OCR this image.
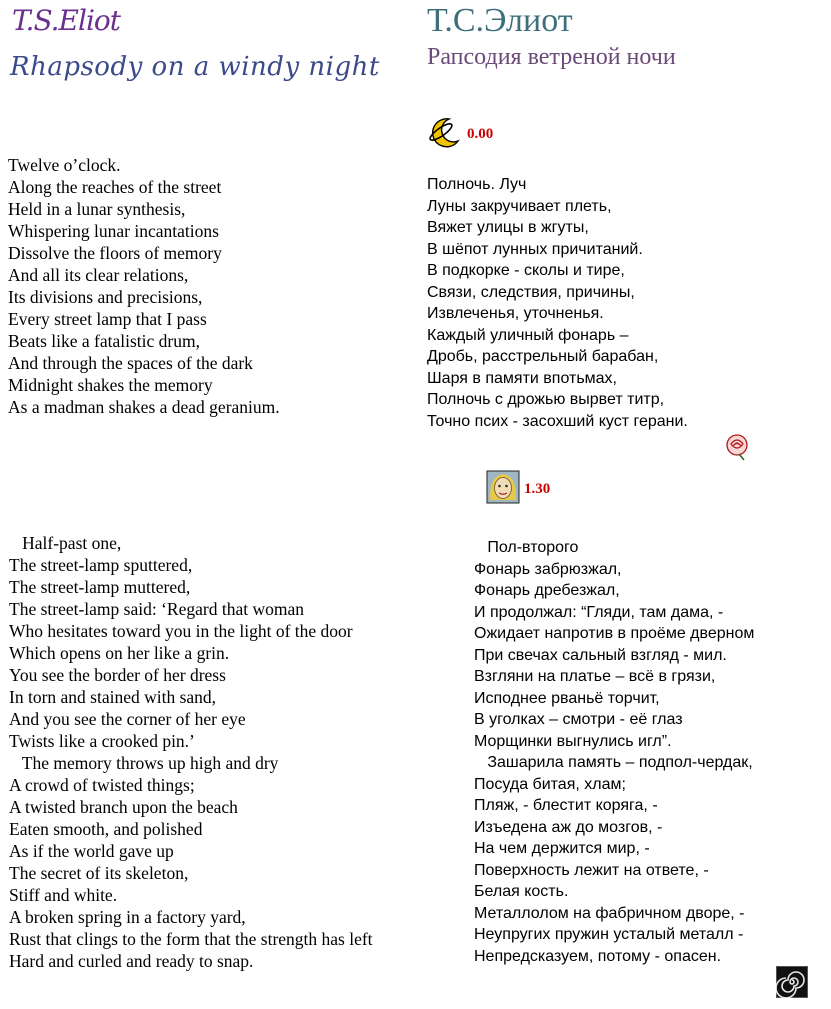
T.S.Eliot
Rhapsody on a windy night
Т.С.Элиот
Рапсодия ветреной ночи
0.00
Twelve o’clock.
Along the reaches of the street
Held in a lunar synthesis,
Whispering lunar incantations
Dissolve the floors of memory
And all its clear relations,
Its divisions and precisions,
Every street lamp that I pass
Beats like a fatalistic drum,
And through the spaces of the dark
Midnight shakes the memory
As a madman shakes a dead geranium.
Полночь. Луч
Луны закручивает плеть,
Вяжет улицы в жгуты,
В шёпот лунных причитаний.
В подкорке - сколы и тире,
Связи, следствия, причины,
Извлеченья, уточненья.
Каждый уличный фонарь –
Дробь, расстрельный барабан,
Шаря в памяти впотьмах,
Полночь с дрожью вырвет титр,
Точно псих - засохший куст герани.
1.30
Half-past one,
The street-lamp sputtered,
The street-lamp muttered,
The street-lamp said: ‘Regard that woman
Who hesitates toward you in the light of the door
Which opens on her like a grin.
You see the border of her dress
In torn and stained with sand,
And you see the corner of her eye
Twists like a crooked pin.’
The memory throws up high and dry
A crowd of twisted things;
A twisted branch upon the beach
Eaten smooth, and polished
As if the world gave up
The secret of its skeleton,
Stiff and white.
A broken spring in a factory yard,
Rust that clings to the form that the strength has left
Hard and curled and ready to snap.
Пол-второго
Фонарь забрюзжал,
Фонарь дребезжал,
И продолжал: “Гляди, там дама, -
Ожидает напротив в проёме дверном
При свечах сальный взгляд - мил.
Взгляни на платье – всё в грязи,
Исподнее рваньё торчит,
В уголках – смотри - её глаз
Морщинки выгнулись игл”.
Зашарила память – подпол-чердак,
Посуда битая, хлам;
Пляж, - блестит коряга, -
Изъедена аж до мозгов, -
На чем держится мир, -
Поверхность лежит на ответе, -
Белая кость.
Металлолом на фабричном дворе, -
Неупругих пружин усталый металл -
Непредсказуем, потому - опасен.
